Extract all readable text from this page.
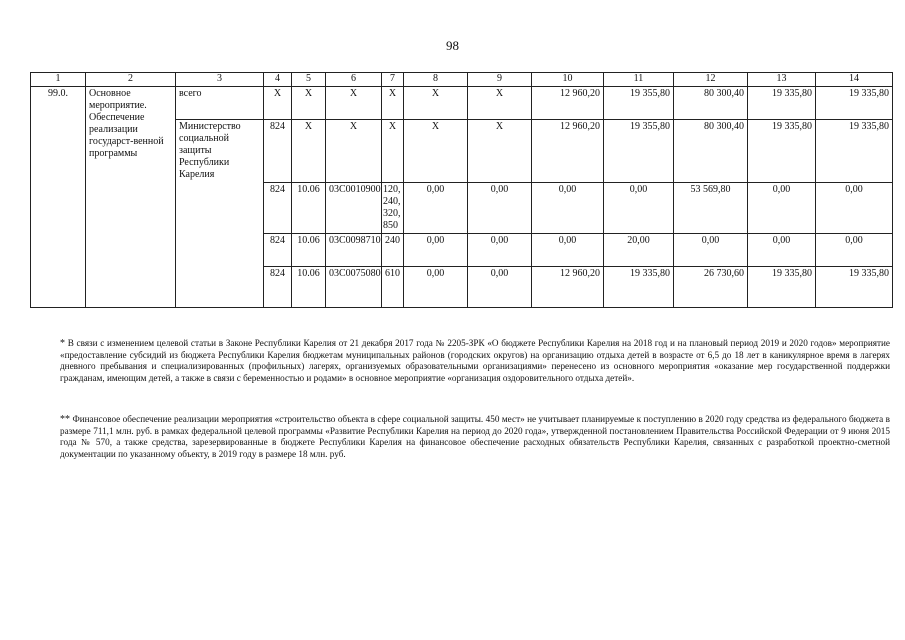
98
1	2	3	4	5	6	7	8	9	10	11	12	13	14
99.0.	Основное мероприятие. Обеспечение реализации государст-венной программы	всего	Х	Х	Х	Х	Х	Х	12 960,20	19 355,80	80 300,40	19 335,80	19 335,80
		Министерство социальной защиты Республики Карелия	824	Х	Х	Х	Х	Х	12 960,20	19 355,80	80 300,40	19 335,80	19 335,80
			824	10.06	03С0010900	120, 240, 320, 850	0,00	0,00	0,00	0,00	53 569,80	0,00	0,00
			824	10.06	03С0098710	240	0,00	0,00	0,00	20,00	0,00	0,00	0,00
			824	10.06	03С0075080	610	0,00	0,00	12 960,20	19 335,80	26 730,60	19 335,80	19 335,80
* В связи с изменением целевой статьи в Законе Республики Карелия от 21 декабря 2017 года № 2205-ЗРК «О бюджете Республики Карелия на 2018 год и на плановый период 2019 и 2020 годов» мероприятие «предоставление субсидий из бюджета Республики Карелия бюджетам муниципальных районов (городских округов) на организацию отдыха детей в возрасте от 6,5 до 18 лет в каникулярное время в лагерях дневного пребывания и специализированных (профильных) лагерях, организуемых образовательными организациями» перенесено из основного мероприятия «оказание мер государственной поддержки гражданам, имеющим детей, а также в связи с беременностью и родами» в основное мероприятие «организация оздоровительного отдыха детей».
** Финансовое обеспечение реализации мероприятия «строительство объекта в сфере социальной защиты. 450 мест» не учитывает планируемые к поступлению в 2020 году средства из федерального бюджета в размере 711,1 млн. руб. в рамках федеральной целевой программы «Развитие Республики Карелия на период до 2020 года», утвержденной постановлением Правительства Российской Федерации от 9 июня 2015 года № 570, а также средства, зарезервированные в бюджете Республики Карелия на финансовое обеспечение расходных обязательств Республики Карелия, связанных с разработкой проектно-сметной документации по указанному объекту, в 2019 году в размере 18 млн. руб.
